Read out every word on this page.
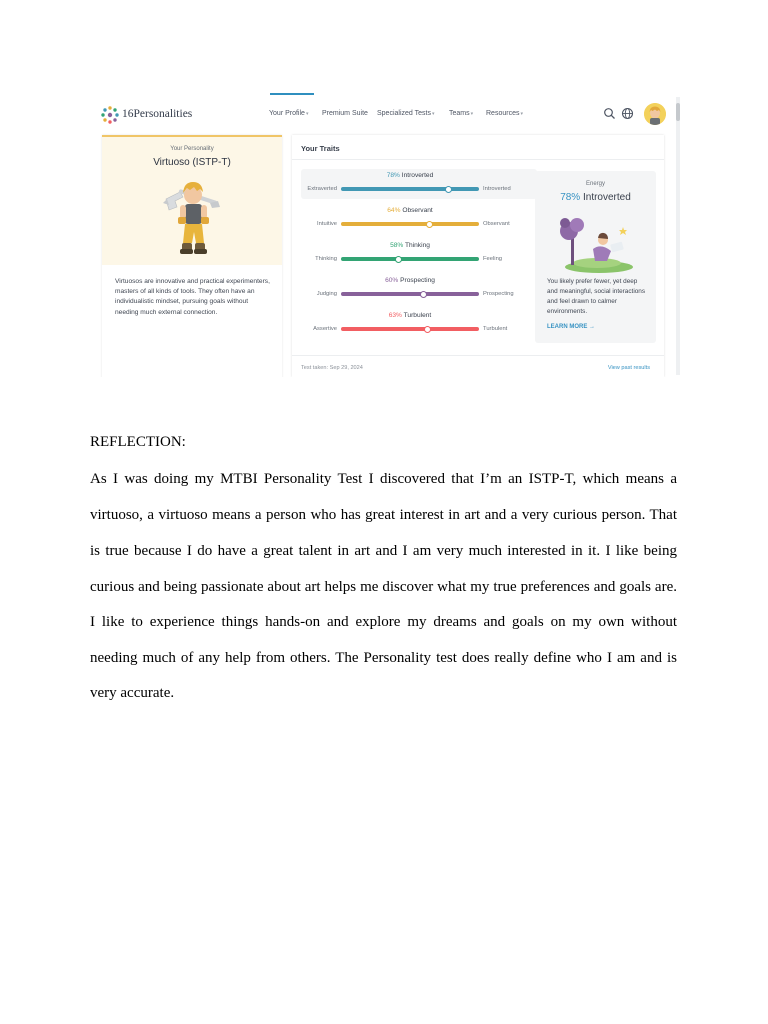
16Personalities	Your Profile▾ Premium Suite Specialized Tests▾ Teams▾ Resources▾
Your Personality
Virtuoso (ISTP-T)
Virtuosos are innovative and practical experimenters, masters of all kinds of tools. They often have an individualistic mindset, pursuing goals without needing much external connection.
Your Traits
78% Introverted
Extraverted	Introverted
64% Observant
Intuitive	Observant
58% Thinking
Thinking	Feeling
60% Prospecting
Judging	Prospecting
63% Turbulent
Assertive	Turbulent
Energy
78% Introverted
You likely prefer fewer, yet deep and meaningful, social interactions and feel drawn to calmer environments.
LEARN MORE →
Test taken: Sep 29, 2024	View past results
REFLECTION:
As I was doing my MTBI Personality Test I discovered that I’m an ISTP-T, which means a
virtuoso, a virtuoso means a person who has great interest in art and a very curious person. That
is true because I do have a great talent in art and I am very much interested in it. I like being
curious and being passionate about art helps me discover what my true preferences and goals are.
I like to experience things hands-on and explore my dreams and goals on my own without
needing much of any help from others. The Personality test does really define who I am and is
very accurate.
